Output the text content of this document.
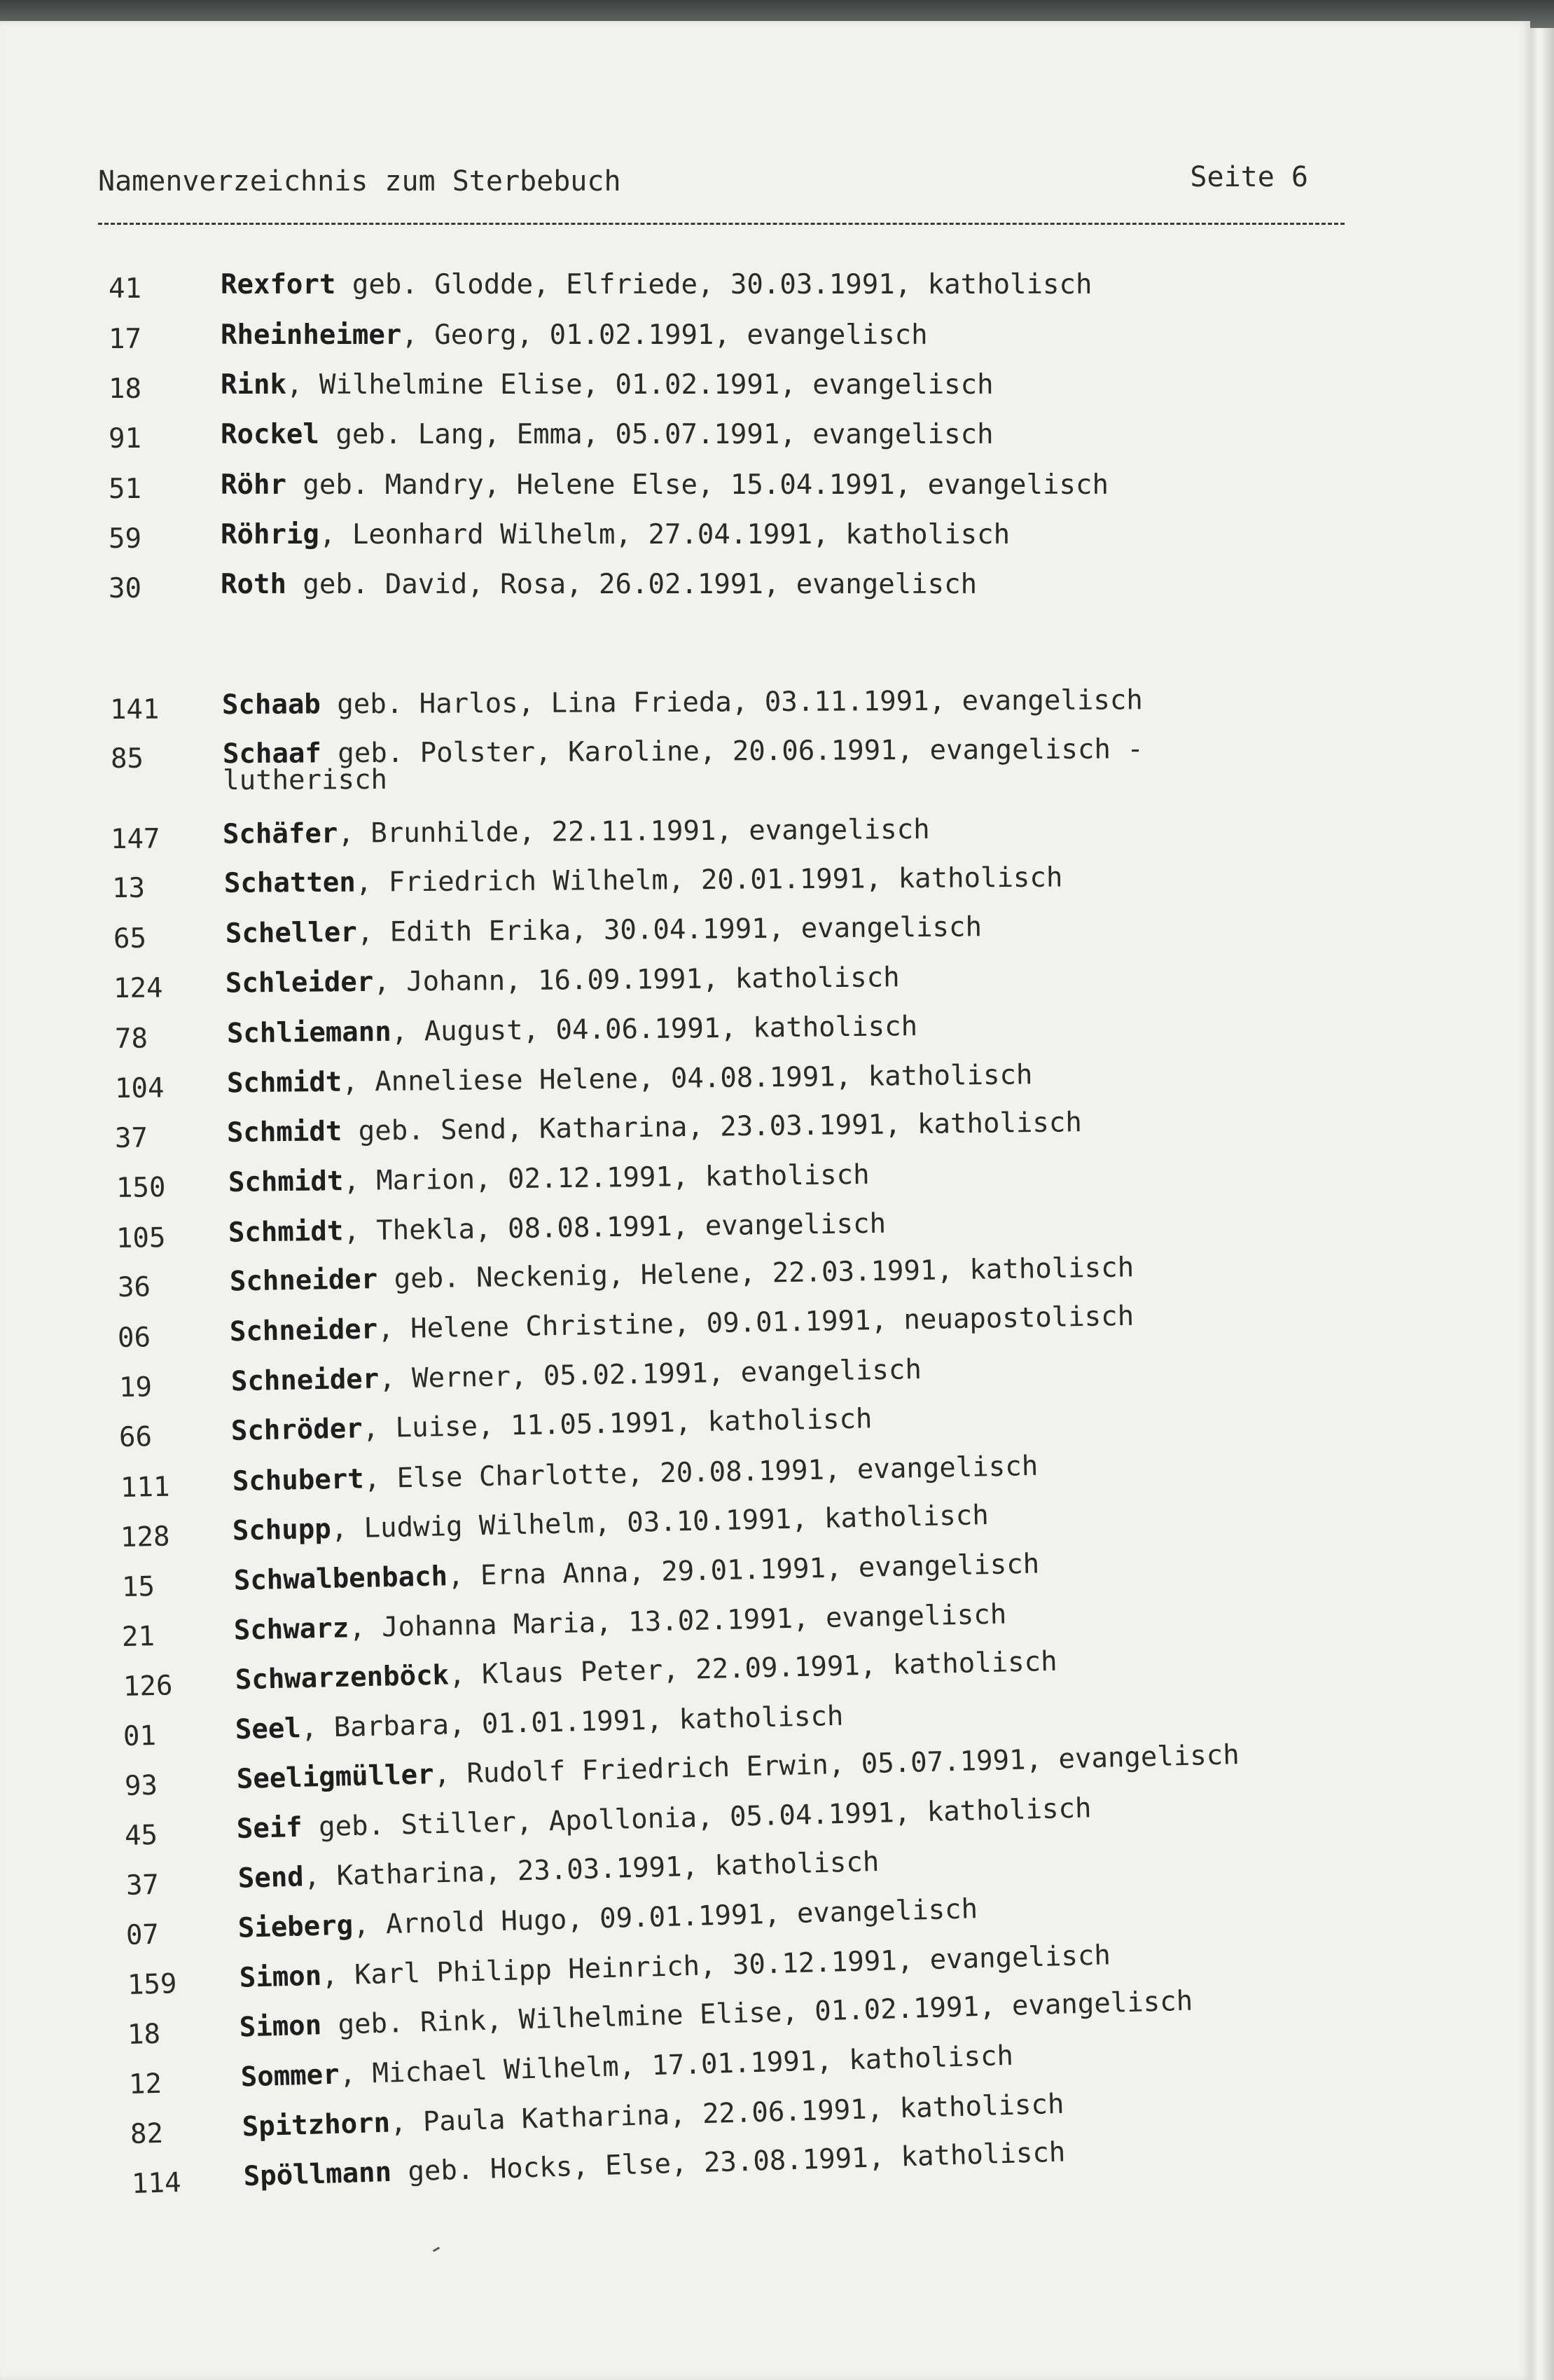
Namenverzeichnis zum Sterbebuch	Seite 6
41	Rexfort geb. Glodde, Elfriede, 30.03.1991, katholisch
17	Rheinheimer, Georg, 01.02.1991, evangelisch
18	Rink, Wilhelmine Elise, 01.02.1991, evangelisch
91	Rockel geb. Lang, Emma, 05.07.1991, evangelisch
51	Röhr geb. Mandry, Helene Else, 15.04.1991, evangelisch
59	Röhrig, Leonhard Wilhelm, 27.04.1991, katholisch
30	Roth geb. David, Rosa, 26.02.1991, evangelisch
141	Schaab geb. Harlos, Lina Frieda, 03.11.1991, evangelisch
85	Schaaf geb. Polster, Karoline, 20.06.1991, evangelisch -
lutherisch
147	Schäfer, Brunhilde, 22.11.1991, evangelisch
13	Schatten, Friedrich Wilhelm, 20.01.1991, katholisch
65	Scheller, Edith Erika, 30.04.1991, evangelisch
124	Schleider, Johann, 16.09.1991, katholisch
78	Schliemann, August, 04.06.1991, katholisch
104	Schmidt, Anneliese Helene, 04.08.1991, katholisch
37	Schmidt geb. Send, Katharina, 23.03.1991, katholisch
150	Schmidt, Marion, 02.12.1991, katholisch
105	Schmidt, Thekla, 08.08.1991, evangelisch
36	Schneider geb. Neckenig, Helene, 22.03.1991, katholisch
06	Schneider, Helene Christine, 09.01.1991, neuapostolisch
19	Schneider, Werner, 05.02.1991, evangelisch
66	Schröder, Luise, 11.05.1991, katholisch
111	Schubert, Else Charlotte, 20.08.1991, evangelisch
128	Schupp, Ludwig Wilhelm, 03.10.1991, katholisch
15	Schwalbenbach, Erna Anna, 29.01.1991, evangelisch
21	Schwarz, Johanna Maria, 13.02.1991, evangelisch
126	Schwarzenböck, Klaus Peter, 22.09.1991, katholisch
01	Seel, Barbara, 01.01.1991, katholisch
93	Seeligmüller, Rudolf Friedrich Erwin, 05.07.1991, evangelisch
45	Seif geb. Stiller, Apollonia, 05.04.1991, katholisch
37	Send, Katharina, 23.03.1991, katholisch
07	Sieberg, Arnold Hugo, 09.01.1991, evangelisch
159	Simon, Karl Philipp Heinrich, 30.12.1991, evangelisch
18	Simon geb. Rink, Wilhelmine Elise, 01.02.1991, evangelisch
12	Sommer, Michael Wilhelm, 17.01.1991, katholisch
82	Spitzhorn, Paula Katharina, 22.06.1991, katholisch
114	Spöllmann geb. Hocks, Else, 23.08.1991, katholisch
